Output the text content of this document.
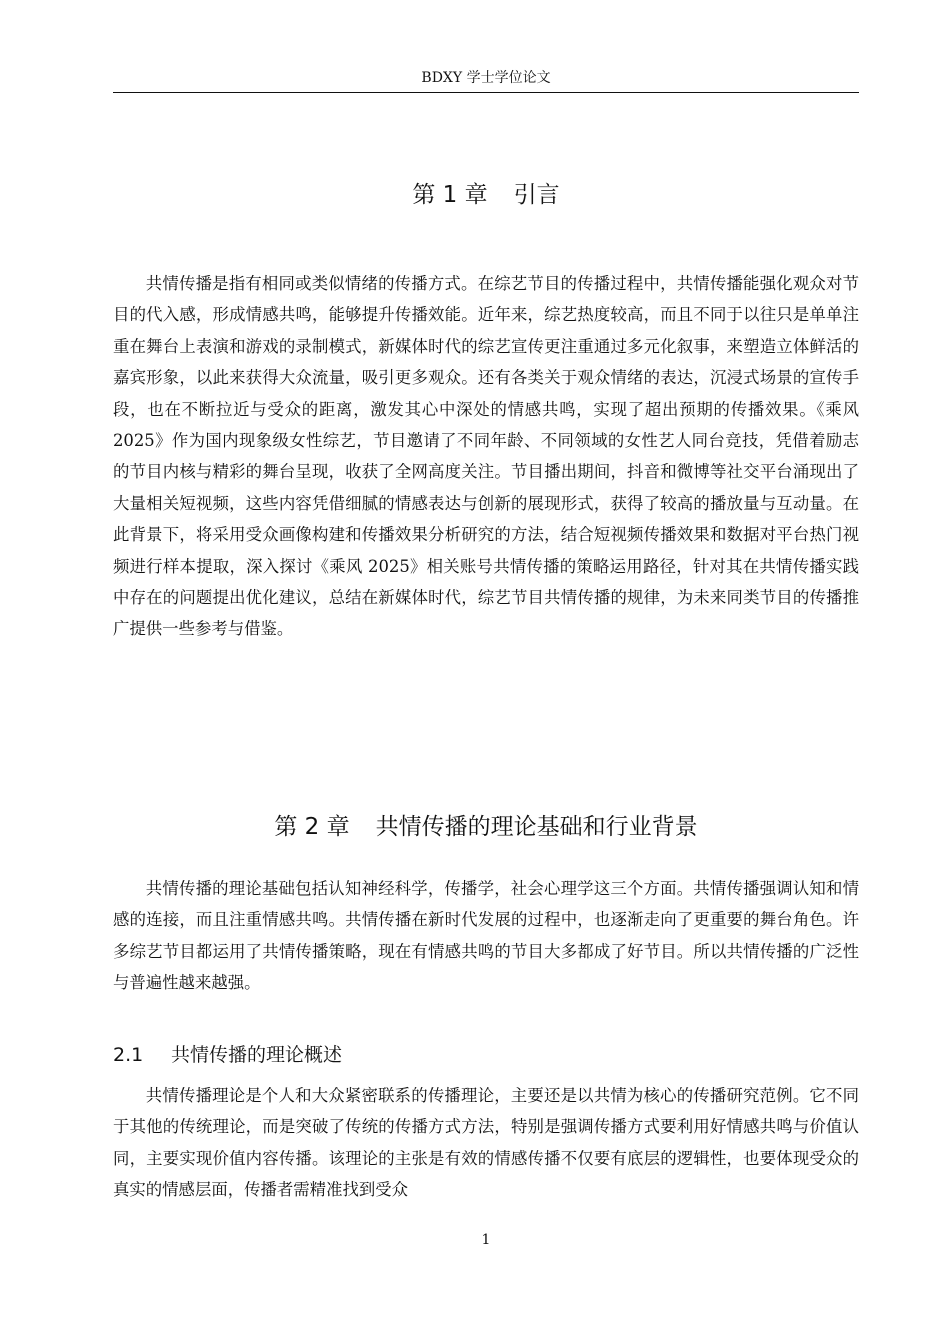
BDXY 学士学位论文
第 1 章 引言

共情传播是指有相同或类似情绪的传播方式。在综艺节目的传播过程中，共情传播能强化观众对节目的代入感，形成情感共鸣，能够提升传播效能。近年来，综艺热度较高，而且不同于以往只是单单注重在舞台上表演和游戏的录制模式，新媒体时代的综艺宣传更注重通过多元化叙事，来塑造立体鲜活的嘉宾形象，以此来获得大众流量，吸引更多观众。还有各类关于观众情绪的表达，沉浸式场景的宣传手段，也在不断拉近与受众的距离，激发其心中深处的情感共鸣，实现了超出预期的传播效果。《乘风 2025》作为国内现象级女性综艺，节目邀请了不同年龄、不同领域的女性艺人同台竞技，凭借着励志的节目内核与精彩的舞台呈现，收获了全网高度关注。节目播出期间，抖音和微博等社交平台涌现出了大量相关短视频，这些内容凭借细腻的情感表达与创新的展现形式，获得了较高的播放量与互动量。在此背景下，将采用受众画像构建和传播效果分析研究的方法，结合短视频传播效果和数据对平台热门视频进行样本提取，深入探讨《乘风 2025》相关账号共情传播的策略运用路径，针对其在共情传播实践中存在的问题提出优化建议，总结在新媒体时代，综艺节目共情传播的规律，为未来同类节目的传播推广提供一些参考与借鉴。

第 2 章 共情传播的理论基础和行业背景

共情传播的理论基础包括认知神经科学，传播学，社会心理学这三个方面。共情传播强调认知和情感的连接，而且注重情感共鸣。共情传播在新时代发展的过程中，也逐渐走向了更重要的舞台角色。许多综艺节目都运用了共情传播策略，现在有情感共鸣的节目大多都成了好节目。所以共情传播的广泛性与普遍性越来越强。

2.1 共情传播的理论概述

共情传播理论是个人和大众紧密联系的传播理论，主要还是以共情为核心的传播研究范例。它不同于其他的传统理论，而是突破了传统的传播方式方法，特别是强调传播方式要利用好情感共鸣与价值认同，主要实现价值内容传播。该理论的主张是有效的情感传播不仅要有底层的逻辑性，也要体现受众的真实的情感层面，传播者需精准找到受众

1
